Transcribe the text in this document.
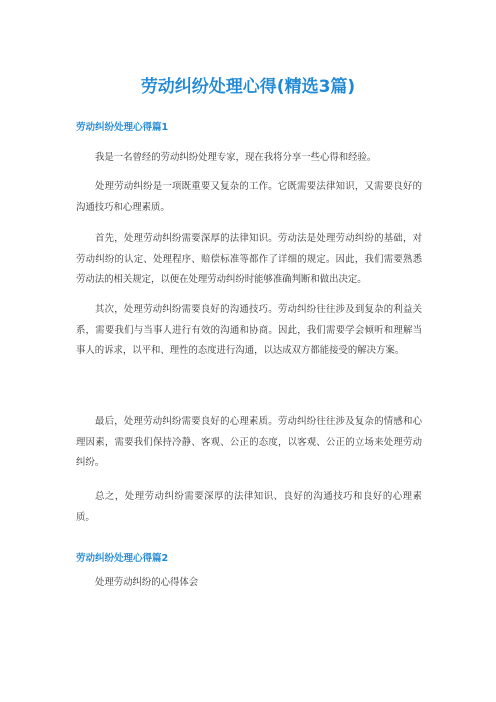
劳动纠纷处理心得(精选3篇)
劳动纠纷处理心得篇1
我是一名曾经的劳动纠纷处理专家，现在我将分享一些心得和经验。
处理劳动纠纷是一项既重要又复杂的工作。它既需要法律知识，又需要良好的沟通技巧和心理素质。
首先，处理劳动纠纷需要深厚的法律知识。劳动法是处理劳动纠纷的基础，对劳动纠纷的认定、处理程序、赔偿标准等都作了详细的规定。因此，我们需要熟悉劳动法的相关规定，以便在处理劳动纠纷时能够准确判断和做出决定。
其次，处理劳动纠纷需要良好的沟通技巧。劳动纠纷往往涉及到复杂的利益关系，需要我们与当事人进行有效的沟通和协商。因此，我们需要学会倾听和理解当事人的诉求，以平和、理性的态度进行沟通，以达成双方都能接受的解决方案。
最后，处理劳动纠纷需要良好的心理素质。劳动纠纷往往涉及复杂的情感和心理因素，需要我们保持冷静、客观、公正的态度，以客观、公正的立场来处理劳动纠纷。
总之，处理劳动纠纷需要深厚的法律知识、良好的沟通技巧和良好的心理素质。
劳动纠纷处理心得篇2
处理劳动纠纷的心得体会
